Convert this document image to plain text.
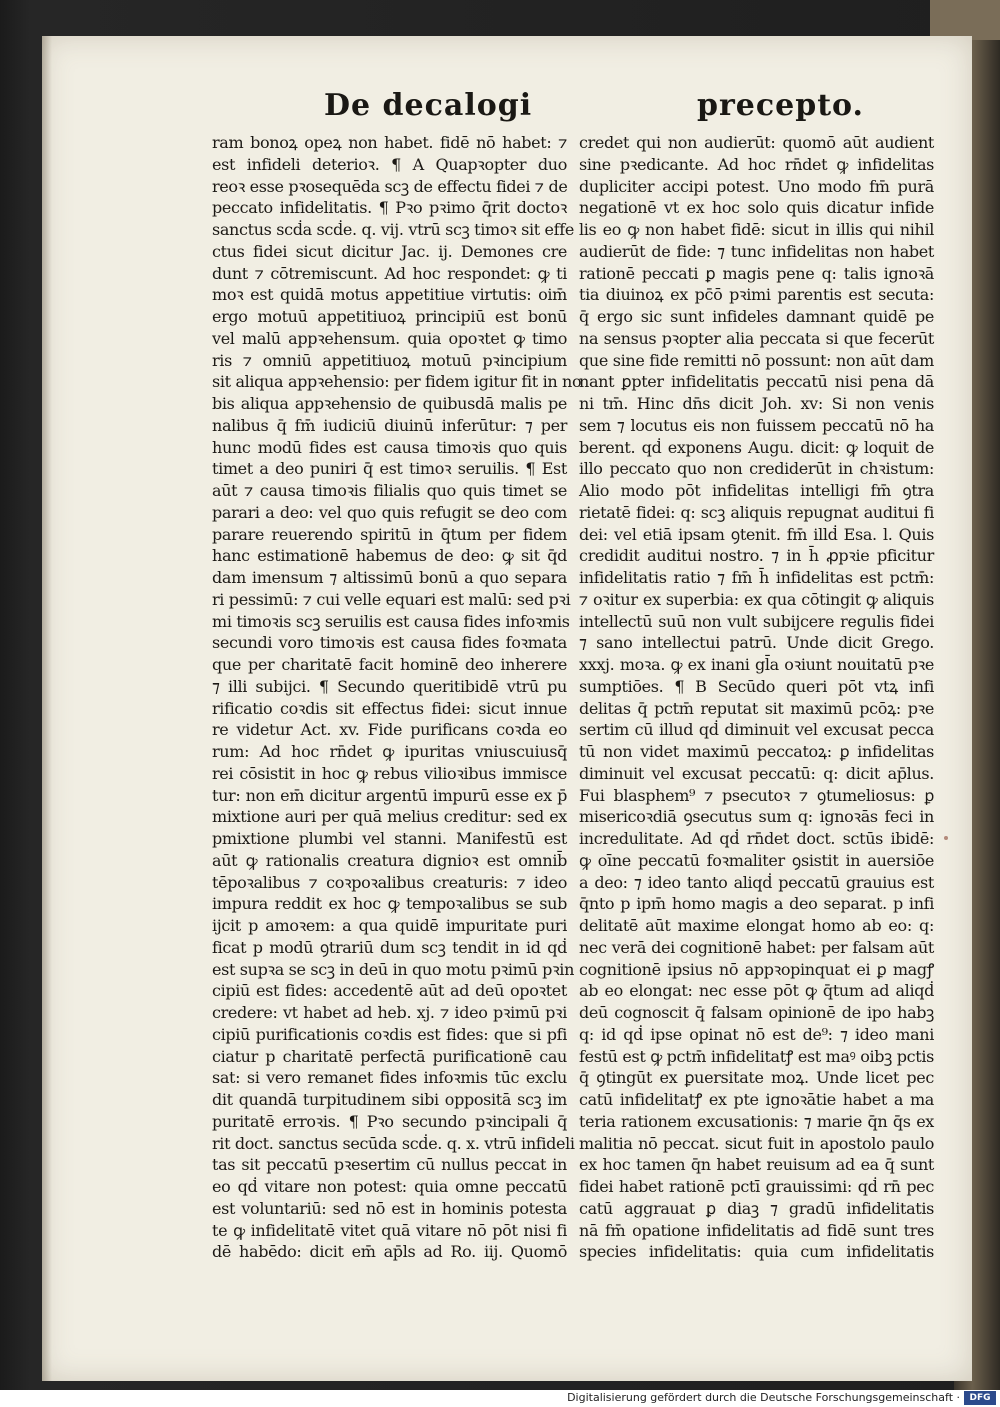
De decalogi	precepto.
ram bonoꝝ opeꝝ non habet. fidē nō habet: ⁊
est infideli deterioꝛ. ¶ A Quapꝛopter duo
reoꝛ esse pꝛosequēda scꝫ de effectu fidei ⁊ de
peccato infidelitatis. ¶ Pꝛo pꝛimo q̄rit doctoꝛ
sanctus scḋa scḋe. q. vij. vtrū scꝫ timoꝛ sit effe
ctus fidei sicut dicitur Jac. ij. Demones cre
dunt ⁊ cōtremiscunt. Ad hoc respondet: ꝙ ti
moꝛ est quidā motus appetitiue virtutis: oim̄
ergo motuū appetitiuoꝝ principiū est bonū
vel malū appꝛehensum. quia opoꝛtet ꝙ timo
ris ⁊ omniū appetitiuoꝝ motuū pꝛincipium
sit aliqua appꝛehensio: per fidem igitur fit in no
bis aliqua appꝛehensio de quibusdā malis pe
nalibus q̄ fm̄ iudiciū diuinū inferūtur: ⁊ per
hunc modū fides est causa timoꝛis quo quis
timet a deo puniri q̄ est timoꝛ seruilis. ¶ Est
aūt ⁊ causa timoꝛis filialis quo quis timet se
parari a deo: vel quo quis refugit se deo com
parare reuerendo spiritū in q̄tum per fidem
hanc estimationē habemus de deo: ꝙ sit q̄d
dam imensum ⁊ altissimū bonū a quo separa
ri pessimū: ⁊ cui velle equari est malū: sed pꝛi
mi timoꝛis scꝫ seruilis est causa fides infoꝛmis
secundi voro timoꝛis est causa fides foꝛmata
que per charitatē facit hominē deo inherere
⁊ illi subijci. ¶ Secundo queritibidē vtrū pu
rificatio coꝛdis sit effectus fidei: sicut innue
re videtur Act. xv. Fide purificans coꝛda eo
rum: Ad hoc rn̄det ꝙ ipuritas vniuscuiusq̄
rei cōsistit in hoc ꝙ rebus vilioꝛibus immisce
tur: non em̄ dicitur argentū impurū esse ex p̄
mixtione auri per quā melius creditur: sed ex
pmixtione plumbi vel stanni. Manifestū est
aūt ꝙ rationalis creatura dignioꝛ est omnib̄
tēpoꝛalibus ⁊ coꝛpoꝛalibus creaturis: ⁊ ideo
impura reddit ex hoc ꝙ tempoꝛalibus se sub
ijcit p amoꝛem: a qua quidē impuritate puri
ficat p modū ꝯtrariū dum scꝫ tendit in id qḋ
est supꝛa se scꝫ in deū in quo motu pꝛimū pꝛin
cipiū est fides: accedentē aūt ad deū opoꝛtet
credere: vt habet ad heb. xj. ⁊ ideo pꝛimū pꝛi
cipiū purificationis coꝛdis est fides: que si pfi
ciatur p charitatē perfectā purificationē cau
sat: si vero remanet fides infoꝛmis tūc exclu
dit quandā turpitudinem sibi oppositā scꝫ im
puritatē erroꝛis. ¶ Pꝛo secundo pꝛincipali q̄
rit doct. sanctus secūda scḋe. q. x. vtrū infideli
tas sit peccatū pꝛesertim cū nullus peccat in
eo qḋ vitare non potest: quia omne peccatū
est voluntariū: sed nō est in hominis potesta
te ꝙ infidelitatē vitet quā vitare nō pōt nisi fi
dē habēdo: dicit em̄ ap̄ls ad Ro. iij. Quomō
credet qui non audierūt: quomō aūt audient
sine pꝛedicante. Ad hoc rn̄det ꝙ infidelitas
dupliciter accipi potest. Uno modo fm̄ purā
negationē vt ex hoc solo quis dicatur infide
lis eo ꝙ non habet fidē: sicut in illis qui nihil
audierūt de fide: ⁊ tunc infidelitas non habet
rationē peccati ꝑ magis pene q: talis ignoꝛā
tia diuinoꝝ ex pc̄ō pꝛimi parentis est secuta:
q̄ ergo sic sunt infideles damnant quidē pe
na sensus pꝛopter alia peccata si que fecerūt
que sine fide remitti nō possunt: non aūt dam
nant ꝑpter infidelitatis peccatū nisi pena dā
ni tm̄. Hinc dn̄s dicit Joh. xv: Si non venis
sem ⁊ locutus eis non fuissem peccatū nō ha
berent. qḋ exponens Augu. dicit: ꝙ loquit de
illo peccato quo non crediderūt in chꝛistum:
Alio modo pōt infidelitas intelligi fm̄ ꝯtra
rietatē fidei: q: scꝫ aliquis repugnat auditui fi
dei: vel etiā ipsam ꝯtenit. fm̄ illḋ Esa. l. Quis
credidit auditui nostro. ⁊ in h̄ ꝓpꝛie pficitur
infidelitatis ratio ⁊ fm̄ h̄ infidelitas est pctm̄:
⁊ oꝛitur ex superbia: ex qua cōtingit ꝙ aliquis
intellectū suū non vult subijcere regulis fidei
⁊ sano intellectui patrū. Unde dicit Grego.
xxxj. moꝛa. ꝙ ex inani gl̄a oꝛiunt nouitatū pꝛe
sumptiōes. ¶ B Secūdo queri pōt vtꝝ infi
delitas q̄ pctm̄ reputat sit maximū pcōꝝ: pꝛe
sertim cū illud qḋ diminuit vel excusat pecca
tū non videt maximū peccatoꝝ: ꝑ infidelitas
diminuit vel excusat peccatū: q: dicit ap̄lus.
Fui blasphem⁹ ⁊ psecutoꝛ ⁊ ꝯtumeliosus: ꝑ
misericoꝛdiā ꝯsecutus sum q: ignoꝛās feci in
incredulitate. Ad qḋ rn̄det doct. sctūs ibidē:
ꝙ oīne peccatū foꝛmaliter ꝯsistit in auersiōe
a deo: ⁊ ideo tanto aliqḋ peccatū grauius est
q̄nto p ipm̄ homo magis a deo separat. p infi
delitatē aūt maxime elongat homo ab eo: q:
nec verā dei cognitionē habet: per falsam aūt
cognitionē ipsius nō appꝛopinquat ei ꝑ magꝭ
ab eo elongat: nec esse pōt ꝙ q̄tum ad aliqḋ
deū cognoscit q̄ falsam opinionē de ipo habꝫ
q: id qḋ ipse opinat nō est de⁹: ⁊ ideo mani
festū est ꝙ pctm̄ infidelitatꝭ est maꝰ oibꝫ pctis
q̄ ꝯtingūt ex ꝑuersitate moꝝ. Unde licet pec
catū infidelitatꝭ ex pte ignoꝛātie habet a ma
teria rationem excusationis: ⁊ marie q̄n q̄s ex
malitia nō peccat. sicut fuit in apostolo paulo
ex hoc tamen q̄n habet reuisum ad ea q̄ sunt
fidei habet rationē pctī grauissimi: qḋ rn̄ pec
catū aggrauat ꝑ diaꝫ ⁊ gradū infidelitatis
nā fm̄ opatione infidelitatis ad fidē sunt tres
species infidelitatis: quia cum infidelitatis
Digitalisierung gefördert durch die Deutsche Forschungsgemeinschaft ·	DFG
